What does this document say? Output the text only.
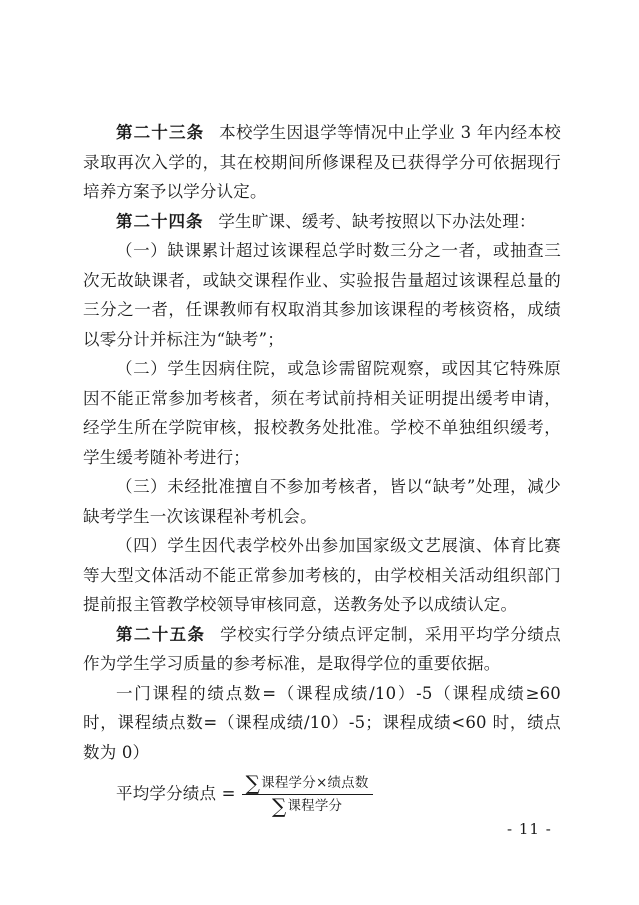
第二十三条 本校学生因退学等情况中止学业 3 年内经本校录取再次入学的，其在校期间所修课程及已获得学分可依据现行培养方案予以学分认定。

第二十四条 学生旷课、缓考、缺考按照以下办法处理：

（一）缺课累计超过该课程总学时数三分之一者，或抽查三次无故缺课者，或缺交课程作业、实验报告量超过该课程总量的三分之一者，任课教师有权取消其参加该课程的考核资格，成绩以零分计并标注为“缺考”；

（二）学生因病住院，或急诊需留院观察，或因其它特殊原因不能正常参加考核者，须在考试前持相关证明提出缓考申请，经学生所在学院审核，报校教务处批准。学校不单独组织缓考，学生缓考随补考进行；

（三）未经批准擅自不参加考核者，皆以“缺考”处理，减少缺考学生一次该课程补考机会。

（四）学生因代表学校外出参加国家级文艺展演、体育比赛等大型文体活动不能正常参加考核的，由学校相关活动组织部门提前报主管教学校领导审核同意，送教务处予以成绩认定。

第二十五条 学校实行学分绩点评定制，采用平均学分绩点作为学生学习质量的参考标准，是取得学位的重要依据。

一门课程的绩点数=（课程成绩/10）-5（课程成绩≥60 时，课程绩点数=（课程成绩/10）-5；课程成绩<60 时，绩点数为 0）

平均学分绩点 = $\frac{\text{∑ 课程学分×绩点数}}{\text{∑ 课程学分}}$
- 11 -
